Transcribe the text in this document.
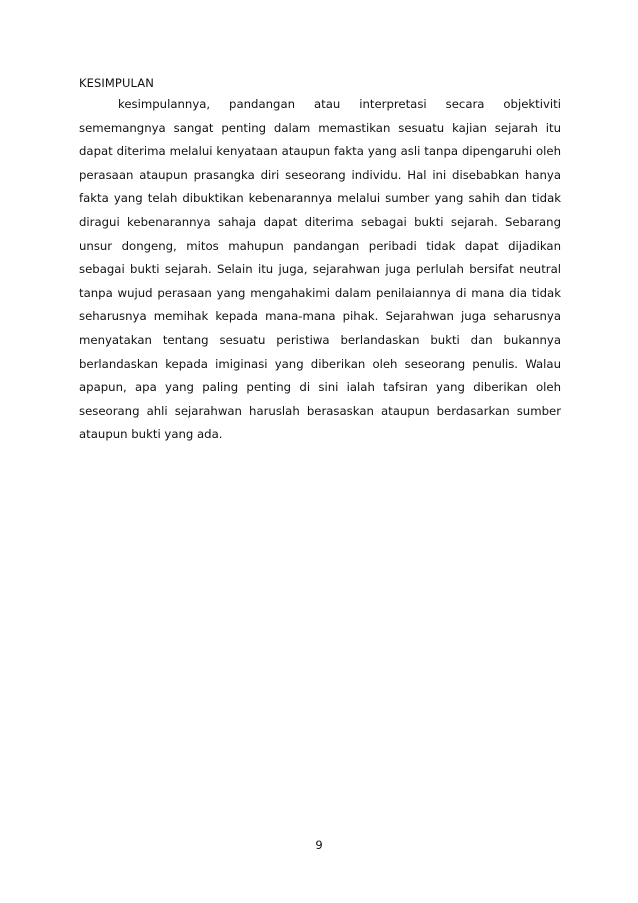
KESIMPULAN

kesimpulannya, pandangan atau interpretasi secara objektiviti sememangnya sangat penting dalam memastikan sesuatu kajian sejarah itu dapat diterima melalui kenyataan ataupun fakta yang asli tanpa dipengaruhi oleh perasaan ataupun prasangka diri seseorang individu. Hal ini disebabkan hanya fakta yang telah dibuktikan kebenarannya melalui sumber yang sahih dan tidak diragui kebenarannya sahaja dapat diterima sebagai bukti sejarah. Sebarang unsur dongeng, mitos mahupun pandangan peribadi tidak dapat dijadikan sebagai bukti sejarah. Selain itu juga, sejarahwan juga perlulah bersifat neutral tanpa wujud perasaan yang mengahakimi dalam penilaiannya di mana dia tidak seharusnya memihak kepada mana-mana pihak. Sejarahwan juga seharusnya menyatakan tentang sesuatu peristiwa berlandaskan bukti dan bukannya berlandaskan kepada imiginasi yang diberikan oleh seseorang penulis. Walau apapun, apa yang paling penting di sini ialah tafsiran yang diberikan oleh seseorang ahli sejarahwan haruslah berasaskan ataupun berdasarkan sumber ataupun bukti yang ada.

9
